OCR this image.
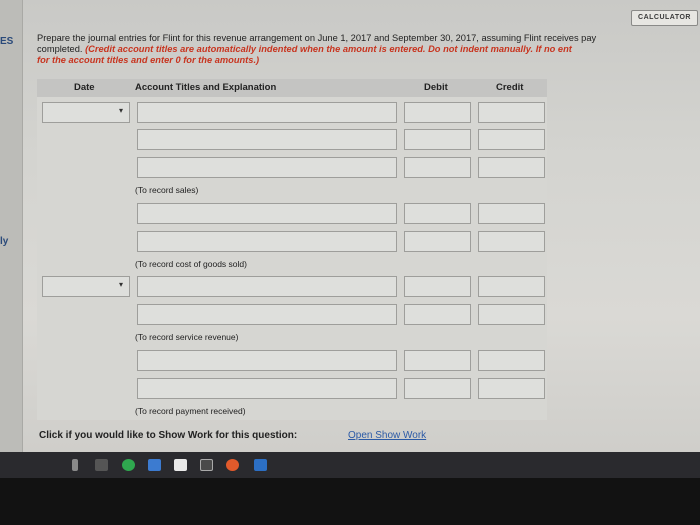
ES
ly
CALCULATOR
Prepare the journal entries for Flint for this revenue arrangement on June 1, 2017 and September 30, 2017, assuming Flint receives pay
completed. (Credit account titles are automatically indented when the amount is entered. Do not indent manually. If no ent
for the account titles and enter 0 for the amounts.)
Date	Account Titles and Explanation	Debit	Credit
▾
(To record sales)
(To record cost of goods sold)
▾
(To record service revenue)
(To record payment received)
Click if you would like to Show Work for this question:	Open Show Work
